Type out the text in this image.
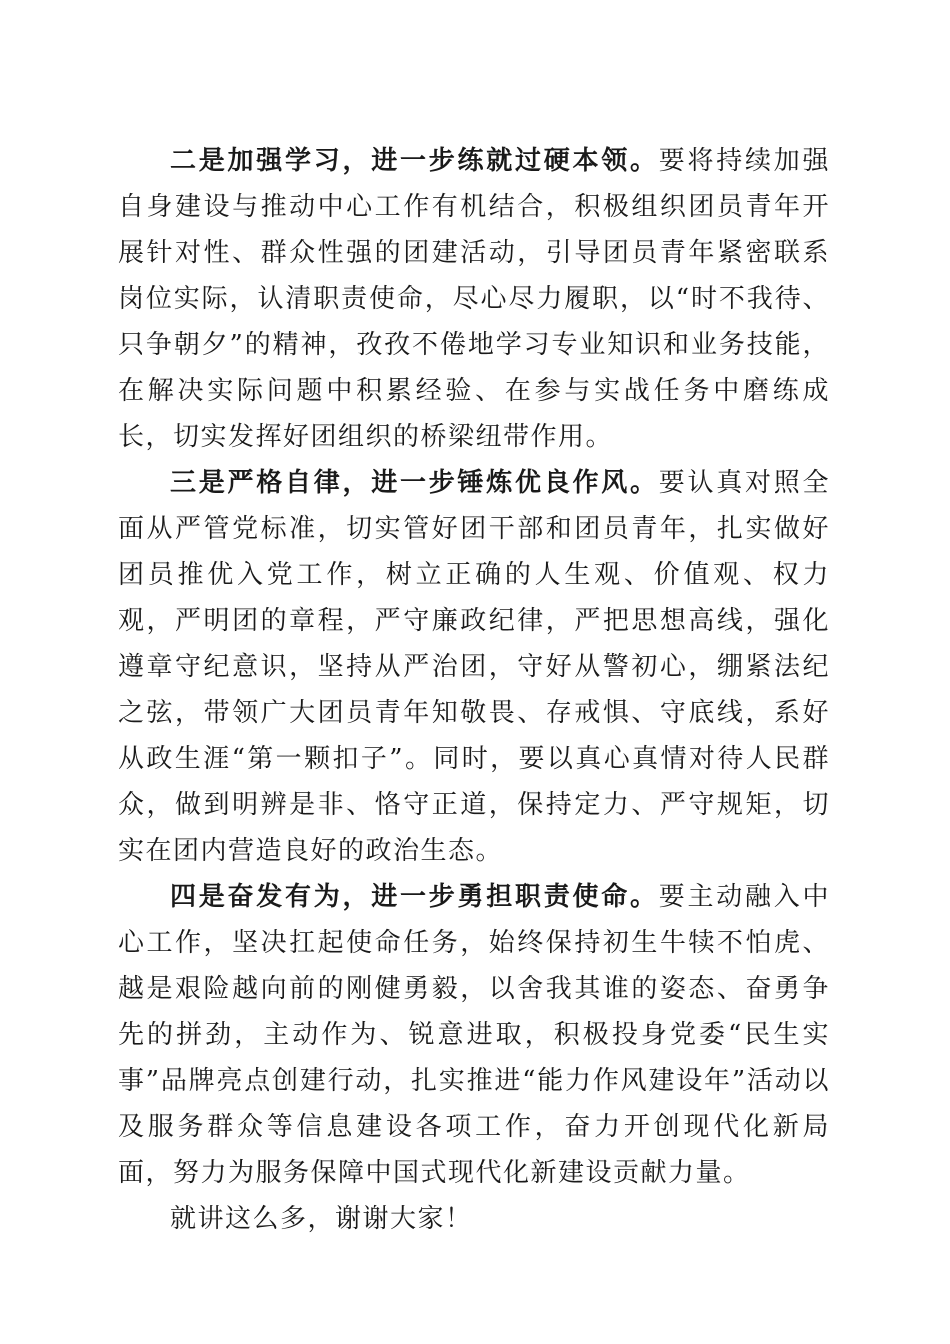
二是加强学习，进一步练就过硬本领。要将持续加强自身建设与推动中心工作有机结合，积极组织团员青年开展针对性、群众性强的团建活动，引导团员青年紧密联系岗位实际，认清职责使命，尽心尽力履职，以“时不我待、只争朝夕”的精神，孜孜不倦地学习专业知识和业务技能，在解决实际问题中积累经验、在参与实战任务中磨练成长，切实发挥好团组织的桥梁纽带作用。

三是严格自律，进一步锤炼优良作风。要认真对照全面从严管党标准，切实管好团干部和团员青年，扎实做好团员推优入党工作，树立正确的人生观、价值观、权力观，严明团的章程，严守廉政纪律，严把思想高线，强化遵章守纪意识，坚持从严治团，守好从警初心，绷紧法纪之弦，带领广大团员青年知敬畏、存戒惧、守底线，系好从政生涯“第一颗扣子”。同时，要以真心真情对待人民群众，做到明辨是非、恪守正道，保持定力、严守规矩，切实在团内营造良好的政治生态。

四是奋发有为，进一步勇担职责使命。要主动融入中心工作，坚决扛起使命任务，始终保持初生牛犊不怕虎、越是艰险越向前的刚健勇毅，以舍我其谁的姿态、奋勇争先的拼劲，主动作为、锐意进取，积极投身党委“民生实事”品牌亮点创建行动，扎实推进“能力作风建设年”活动以及服务群众等信息建设各项工作，奋力开创现代化新局面，努力为服务保障中国式现代化新建设贡献力量。

就讲这么多，谢谢大家！
